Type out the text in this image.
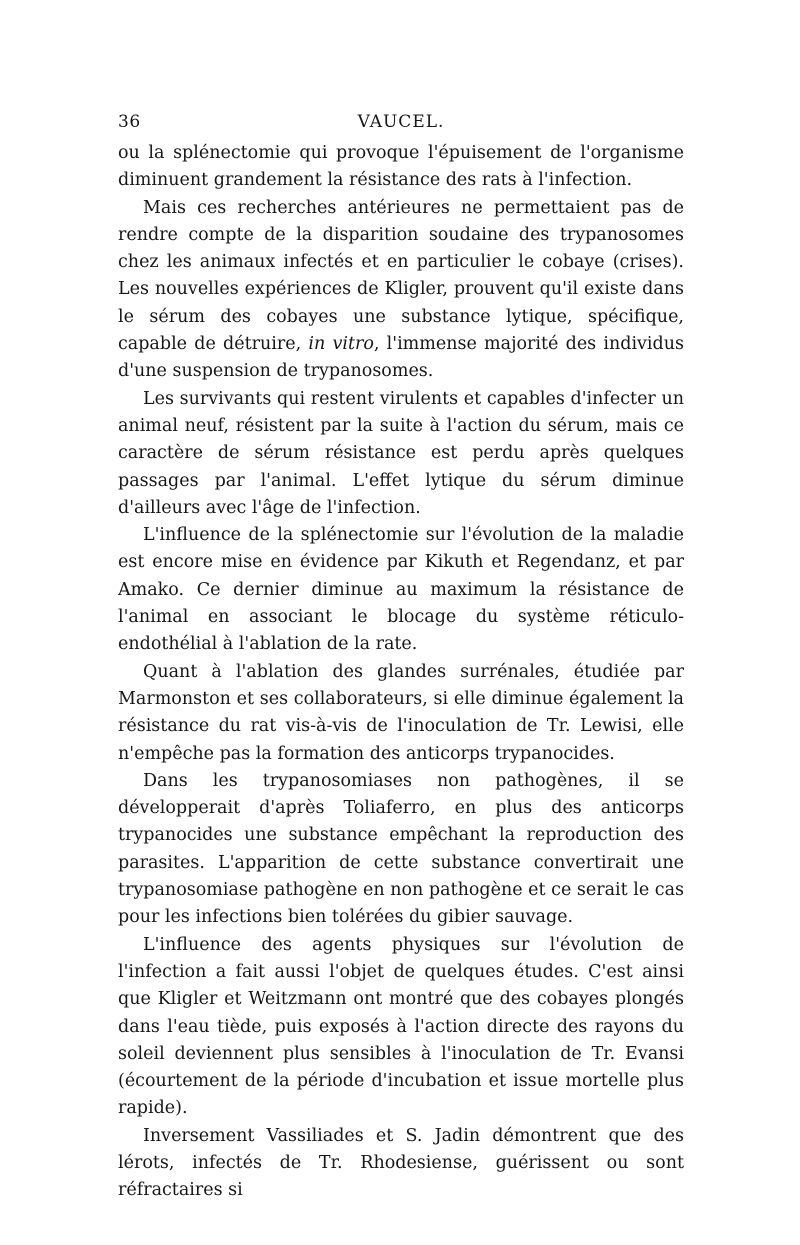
36	VAUCEL.

ou la splénectomie qui provoque l'épuisement de l'organisme diminuent grandement la résistance des rats à l'infection.

Mais ces recherches antérieures ne permettaient pas de rendre compte de la disparition soudaine des trypanosomes chez les animaux infectés et en particulier le cobaye (crises). Les nouvelles expériences de Kligler, prouvent qu'il existe dans le sérum des cobayes une substance lytique, spécifique, capable de détruire, in vitro, l'immense majorité des individus d'une suspension de trypanosomes.

Les survivants qui restent virulents et capables d'infecter un animal neuf, résistent par la suite à l'action du sérum, mais ce caractère de sérum résistance est perdu après quelques passages par l'animal. L'effet lytique du sérum diminue d'ailleurs avec l'âge de l'infection.

L'influence de la splénectomie sur l'évolution de la maladie est encore mise en évidence par Kikuth et Regendanz, et par Amako. Ce dernier diminue au maximum la résistance de l'animal en associant le blocage du système réticulo-endothélial à l'ablation de la rate.

Quant à l'ablation des glandes surrénales, étudiée par Marmonston et ses collaborateurs, si elle diminue également la résistance du rat vis-à-vis de l'inoculation de Tr. Lewisi, elle n'empêche pas la formation des anticorps trypanocides.

Dans les trypanosomiases non pathogènes, il se développerait d'après Toliaferro, en plus des anticorps trypanocides une substance empêchant la reproduction des parasites. L'apparition de cette substance convertirait une trypanosomiase pathogène en non pathogène et ce serait le cas pour les infections bien tolérées du gibier sauvage.

L'influence des agents physiques sur l'évolution de l'infection a fait aussi l'objet de quelques études. C'est ainsi que Kligler et Weitzmann ont montré que des cobayes plongés dans l'eau tiède, puis exposés à l'action directe des rayons du soleil deviennent plus sensibles à l'inoculation de Tr. Evansi (écourtement de la période d'incubation et issue mortelle plus rapide).

Inversement Vassiliades et S. Jadin démontrent que des lérots, infectés de Tr. Rhodesiense, guérissent ou sont réfractaires si
